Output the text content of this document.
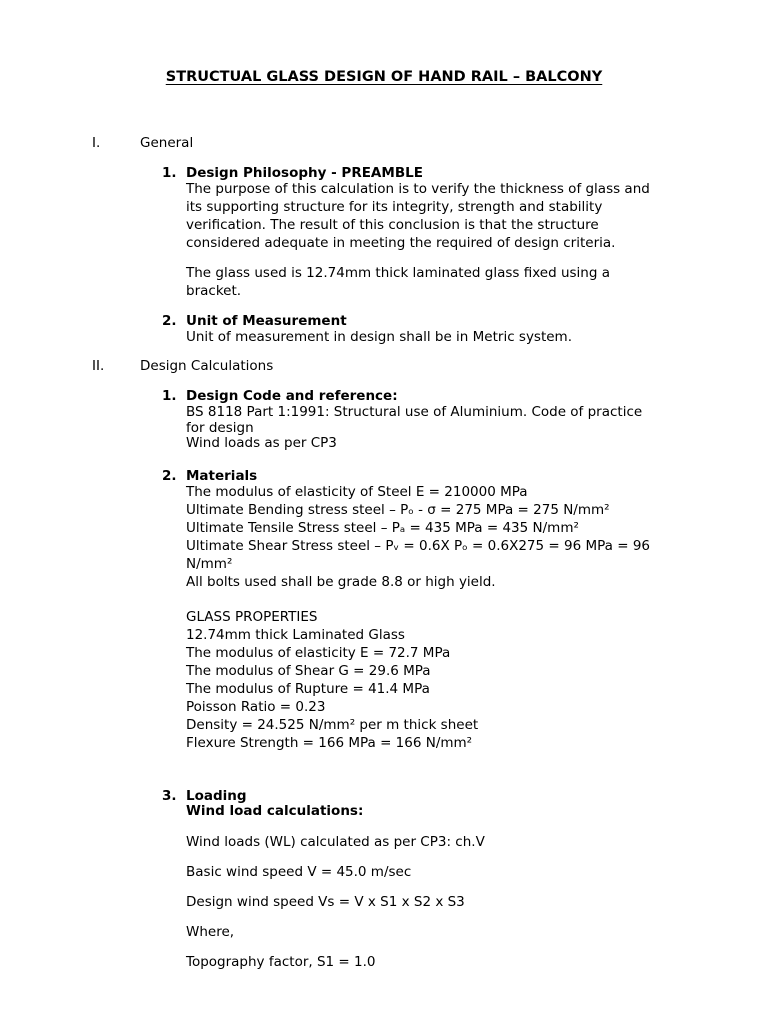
STRUCTUAL GLASS DESIGN OF HAND RAIL – BALCONY
I.	General
1. Design Philosophy - PREAMBLE
The purpose of this calculation is to verify the thickness of glass and
its supporting structure for its integrity, strength and stability
verification. The result of this conclusion is that the structure
considered adequate in meeting the required of design criteria.
The glass used is 12.74mm thick laminated glass fixed using a
bracket.
2. Unit of Measurement
Unit of measurement in design shall be in Metric system.
II.	Design Calculations
1. Design Code and reference:
BS 8118 Part 1:1991: Structural use of Aluminium. Code of practice
for design
Wind loads as per CP3
2. Materials
The modulus of elasticity of Steel E = 210000 MPa
Ultimate Bending stress steel – Pₒ - σ = 275 MPa = 275 N/mm²
Ultimate Tensile Stress steel – Pₐ = 435 MPa = 435 N/mm²
Ultimate Shear Stress steel – Pᵥ = 0.6X Pₒ = 0.6X275 = 96 MPa = 96
N/mm²
All bolts used shall be grade 8.8 or high yield.
GLASS PROPERTIES
12.74mm thick Laminated Glass
The modulus of elasticity E = 72.7 MPa
The modulus of Shear G = 29.6 MPa
The modulus of Rupture = 41.4 MPa
Poisson Ratio = 0.23
Density = 24.525 N/mm² per m thick sheet
Flexure Strength = 166 MPa = 166 N/mm²
3. Loading
Wind load calculations:
Wind loads (WL) calculated as per CP3: ch.V
Basic wind speed V = 45.0 m/sec
Design wind speed Vs = V x S1 x S2 x S3
Where,
Topography factor, S1 = 1.0
